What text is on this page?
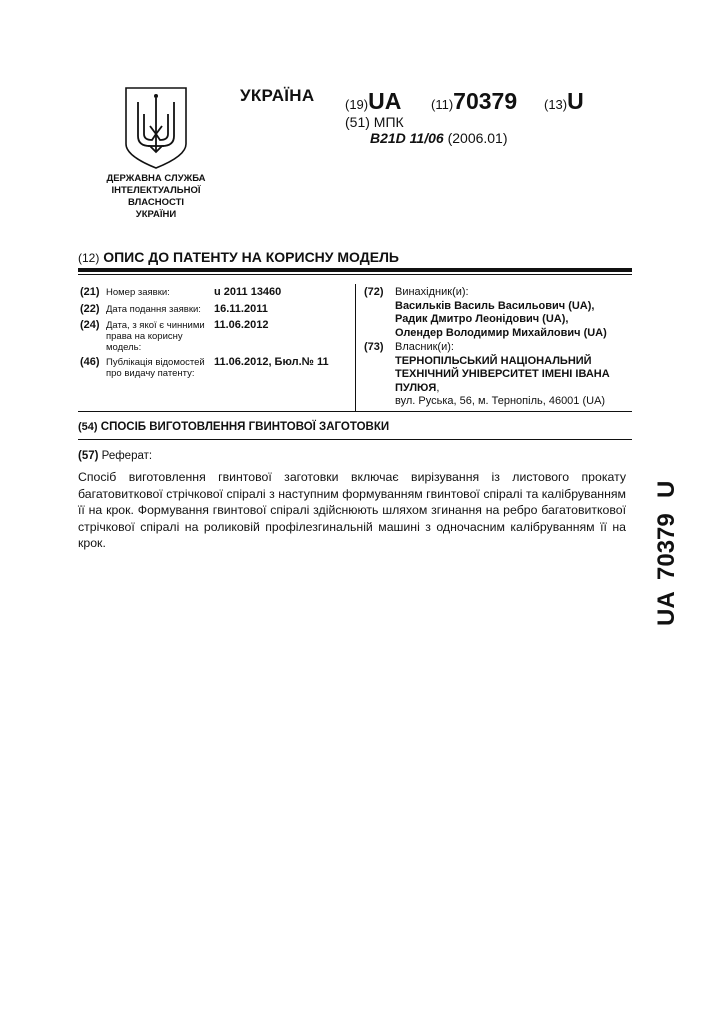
ДЕРЖАВНА СЛУЖБА
ІНТЕЛЕКТУАЛЬНОЇ
ВЛАСНОСТІ
УКРАЇНИ
УКРАЇНА (19)UA (11)70379 (13)U
(51) МПК
B21D 11/06 (2006.01)
(12) ОПИС ДО ПАТЕНТУ НА КОРИСНУ МОДЕЛЬ
(21) Номер заявки:	u 2011 13460
(22) Дата подання заявки:	16.11.2011
(24) Дата, з якої є чинними права на корисну модель:
11.06.2012
(46) Публікація відомостей про видачу патенту:
11.06.2012, Бюл.№ 11
(72) Винахідник(и):
Васильків Василь Васильович (UA),
Радик Дмитро Леонідович (UA),
Олендер Володимир Михайлович (UA)
(73) Власник(и):
ТЕРНОПІЛЬСЬКИЙ НАЦІОНАЛЬНИЙ ТЕХНІЧНИЙ УНІВЕРСИТЕТ ІМЕНІ ІВАНА ПУЛЮЯ,
вул. Руська, 56, м. Тернопіль, 46001 (UA)
(54) СПОСІБ ВИГОТОВЛЕННЯ ГВИНТОВОЇ ЗАГОТОВКИ
(57) Реферат:
Спосіб виготовлення гвинтової заготовки включає вирізування із листового прокату багатовиткової стрічкової спіралі з наступним формуванням гвинтової спіралі та калібруванням її на крок. Формування гвинтової спіралі здійснюють шляхом згинання на ребро багатовиткової стрічкової спіралі на роликовій профілезгинальній машині з одночасним калібруванням її на крок.
UA
70379
U
